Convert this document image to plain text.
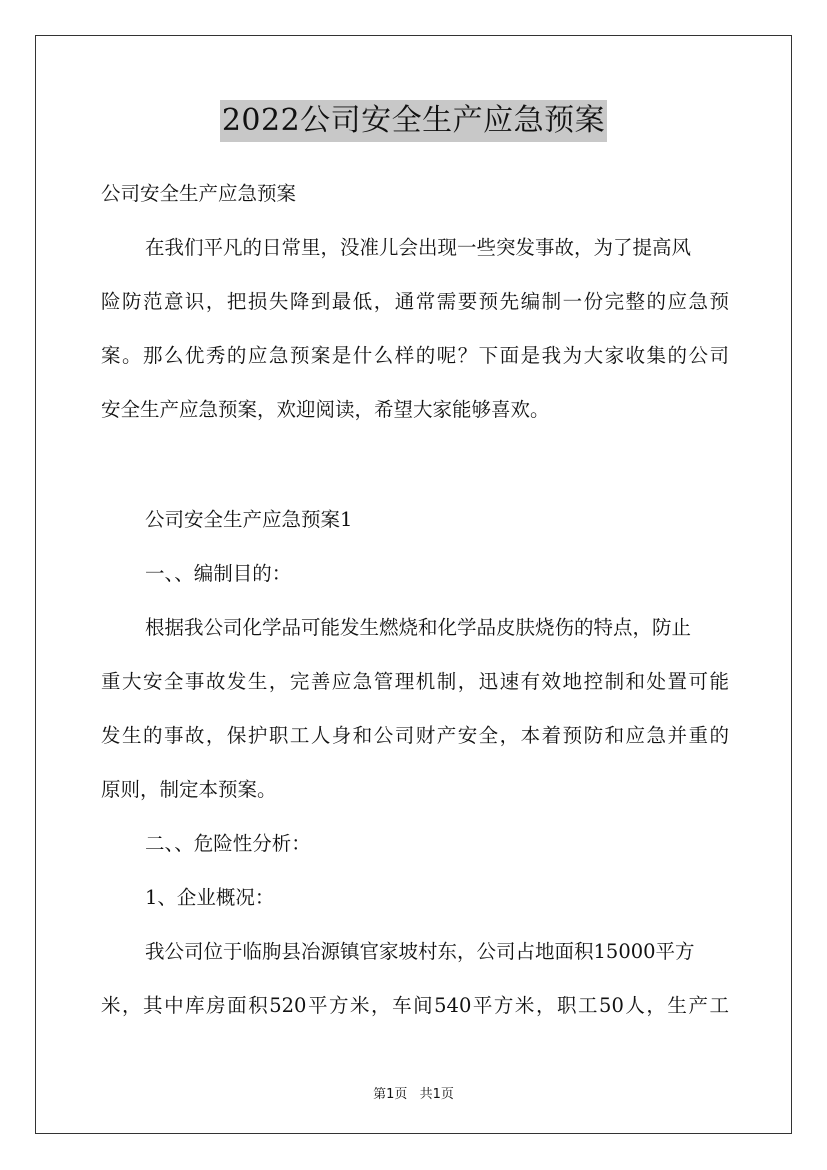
2022公司安全生产应急预案
公司安全生产应急预案
在我们平凡的日常里，没准儿会出现一些突发事故，为了提高风
险防范意识，把损失降到最低，通常需要预先编制一份完整的应急预
案。那么优秀的应急预案是什么样的呢？下面是我为大家收集的公司
安全生产应急预案，欢迎阅读，希望大家能够喜欢。
公司安全生产应急预案1
一、、编制目的：
根据我公司化学品可能发生燃烧和化学品皮肤烧伤的特点，防止
重大安全事故发生，完善应急管理机制，迅速有效地控制和处置可能
发生的事故，保护职工人身和公司财产安全，本着预防和应急并重的
原则，制定本预案。
二、、危险性分析：
1、企业概况：
我公司位于临朐县冶源镇官家坡村东，公司占地面积15000平方
米，其中库房面积520平方米，车间540平方米，职工50人，生产工
第1页 共1页
